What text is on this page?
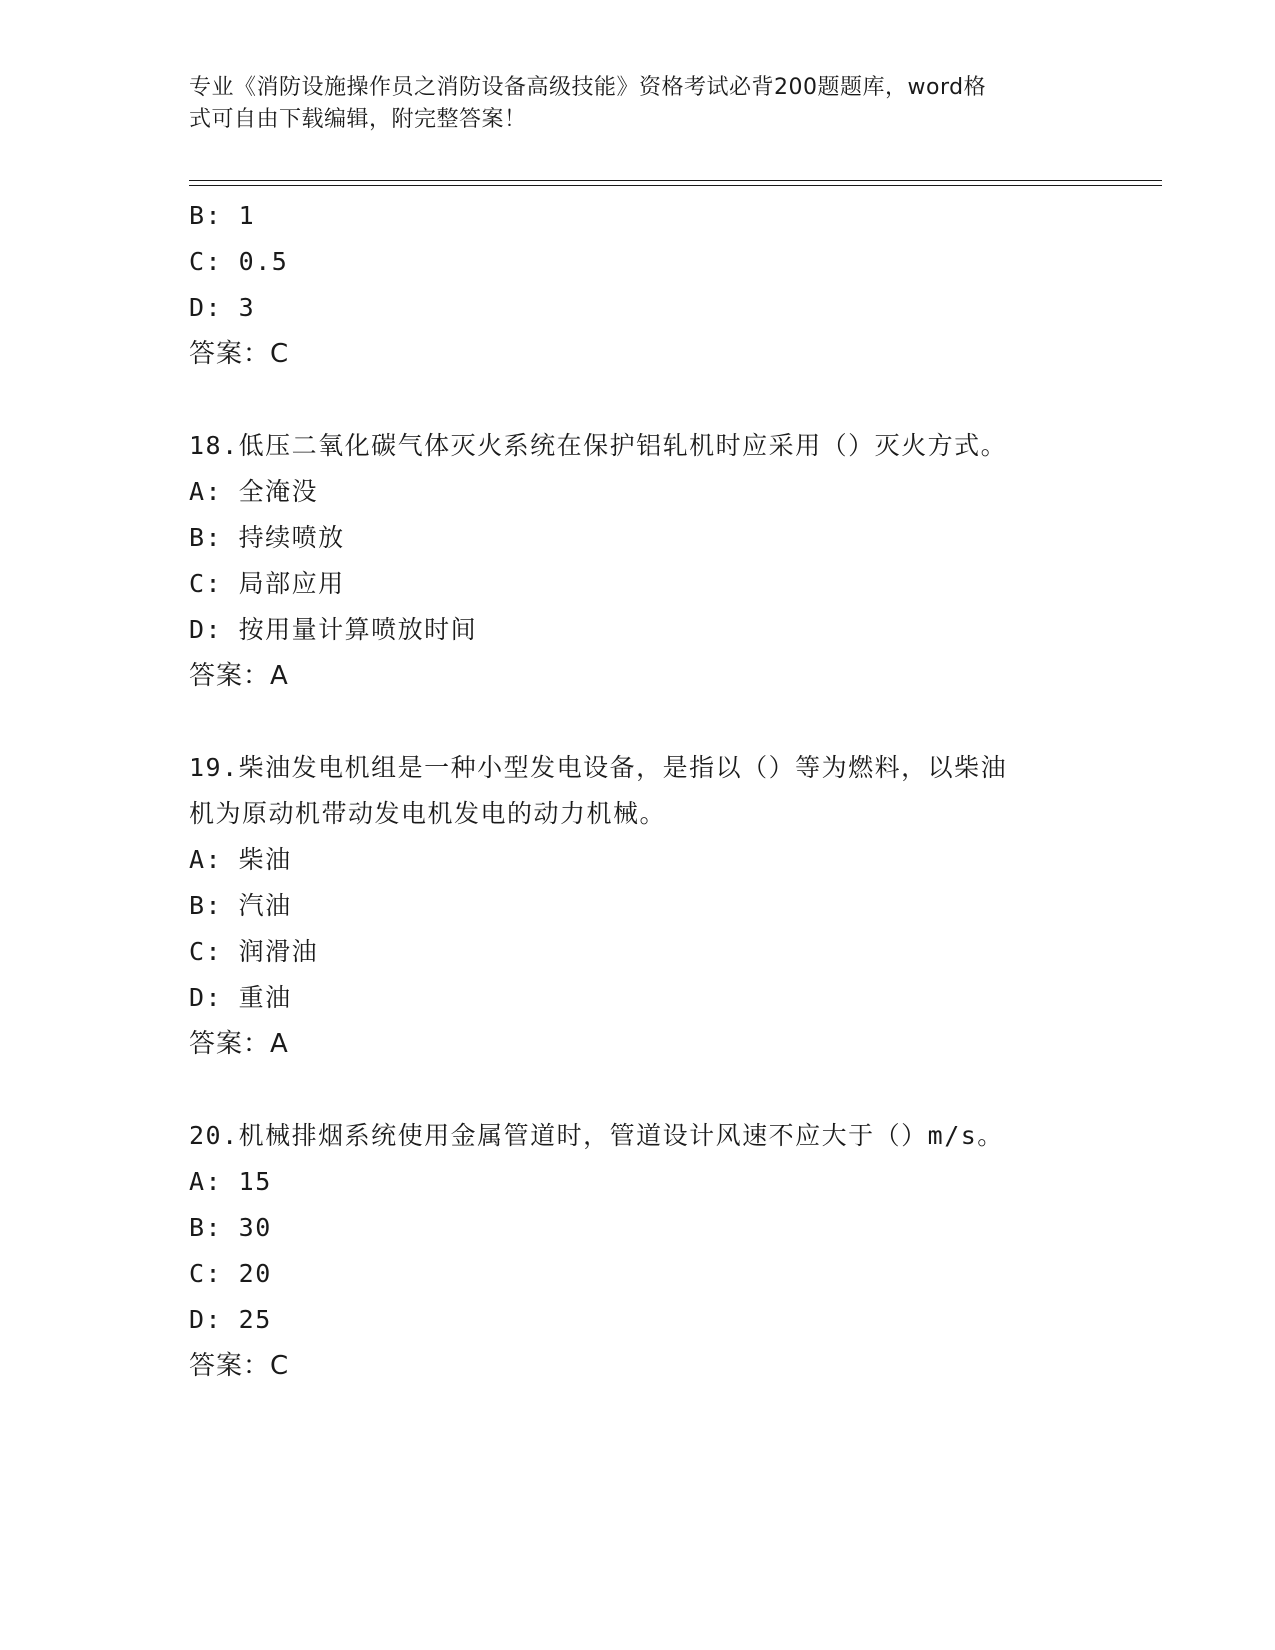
专业《消防设施操作员之消防设备高级技能》资格考试必背200题题库，word格
式可自由下载编辑，附完整答案！
B: 1
C: 0.5
D: 3
答案：C
18.低压二氧化碳气体灭火系统在保护铝轧机时应采用（）灭火方式。
A: 全淹没
B: 持续喷放
C: 局部应用
D: 按用量计算喷放时间
答案：A
19.柴油发电机组是一种小型发电设备，是指以（）等为燃料，以柴油
机为原动机带动发电机发电的动力机械。
A: 柴油
B: 汽油
C: 润滑油
D: 重油
答案：A
20.机械排烟系统使用金属管道时，管道设计风速不应大于（）m/s。
A: 15
B: 30
C: 20
D: 25
答案：C
